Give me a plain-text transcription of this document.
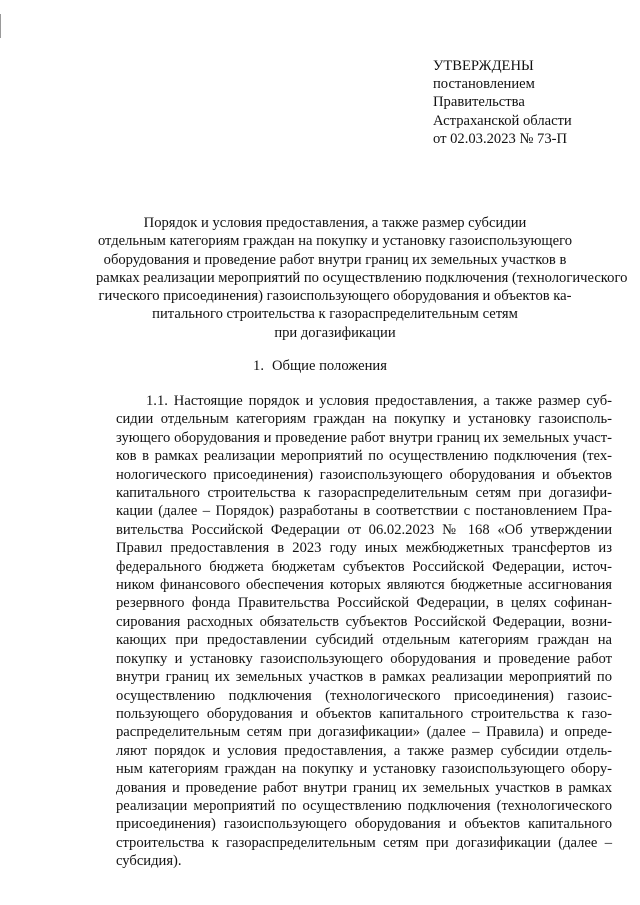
УТВЕРЖДЕНЫ
постановлением
Правительства
Астраханской области
от 02.03.2023 № 73-П
Порядок и условия предоставления, а также размер субсидии
отдельным категориям граждан на покупку и установку газоиспользующего
оборудования и проведение работ внутри границ их земельных участков в
рамках реализации мероприятий по осуществлению подключения (технологического
гического присоединения) газоиспользующего оборудования и объектов ка-
питального строительства к газораспределительным сетям
при догазификации
1. Общие положения
1.1. Настоящие порядок и условия предоставления, а также размер суб-
сидии отдельным категориям граждан на покупку и установку газоисполь-
зующего оборудования и проведение работ внутри границ их земельных участ-
ков в рамках реализации мероприятий по осуществлению подключения (тех-
нологического присоединения) газоиспользующего оборудования и объектов
капитального строительства к газораспределительным сетям при догазифи-
кации (далее – Порядок) разработаны в соответствии с постановлением Пра-
вительства Российской Федерации от 06.02.2023 № 168 «Об утверждении
Правил предоставления в 2023 году иных межбюджетных трансфертов из
федерального бюджета бюджетам субъектов Российской Федерации, источ-
ником финансового обеспечения которых являются бюджетные ассигнования
резервного фонда Правительства Российской Федерации, в целях софинан-
сирования расходных обязательств субъектов Российской Федерации, возни-
кающих при предоставлении субсидий отдельным категориям граждан на
покупку и установку газоиспользующего оборудования и проведение работ
внутри границ их земельных участков в рамках реализации мероприятий по
осуществлению подключения (технологического присоединения) газоис-
пользующего оборудования и объектов капитального строительства к газо-
распределительным сетям при догазификации» (далее – Правила) и опреде-
ляют порядок и условия предоставления, а также размер субсидии отдель-
ным категориям граждан на покупку и установку газоиспользующего обору-
дования и проведение работ внутри границ их земельных участков в рамках
реализации мероприятий по осуществлению подключения (технологического
присоединения) газоиспользующего оборудования и объектов капитального
строительства к газораспределительным сетям при догазификации (далее –
субсидия).
